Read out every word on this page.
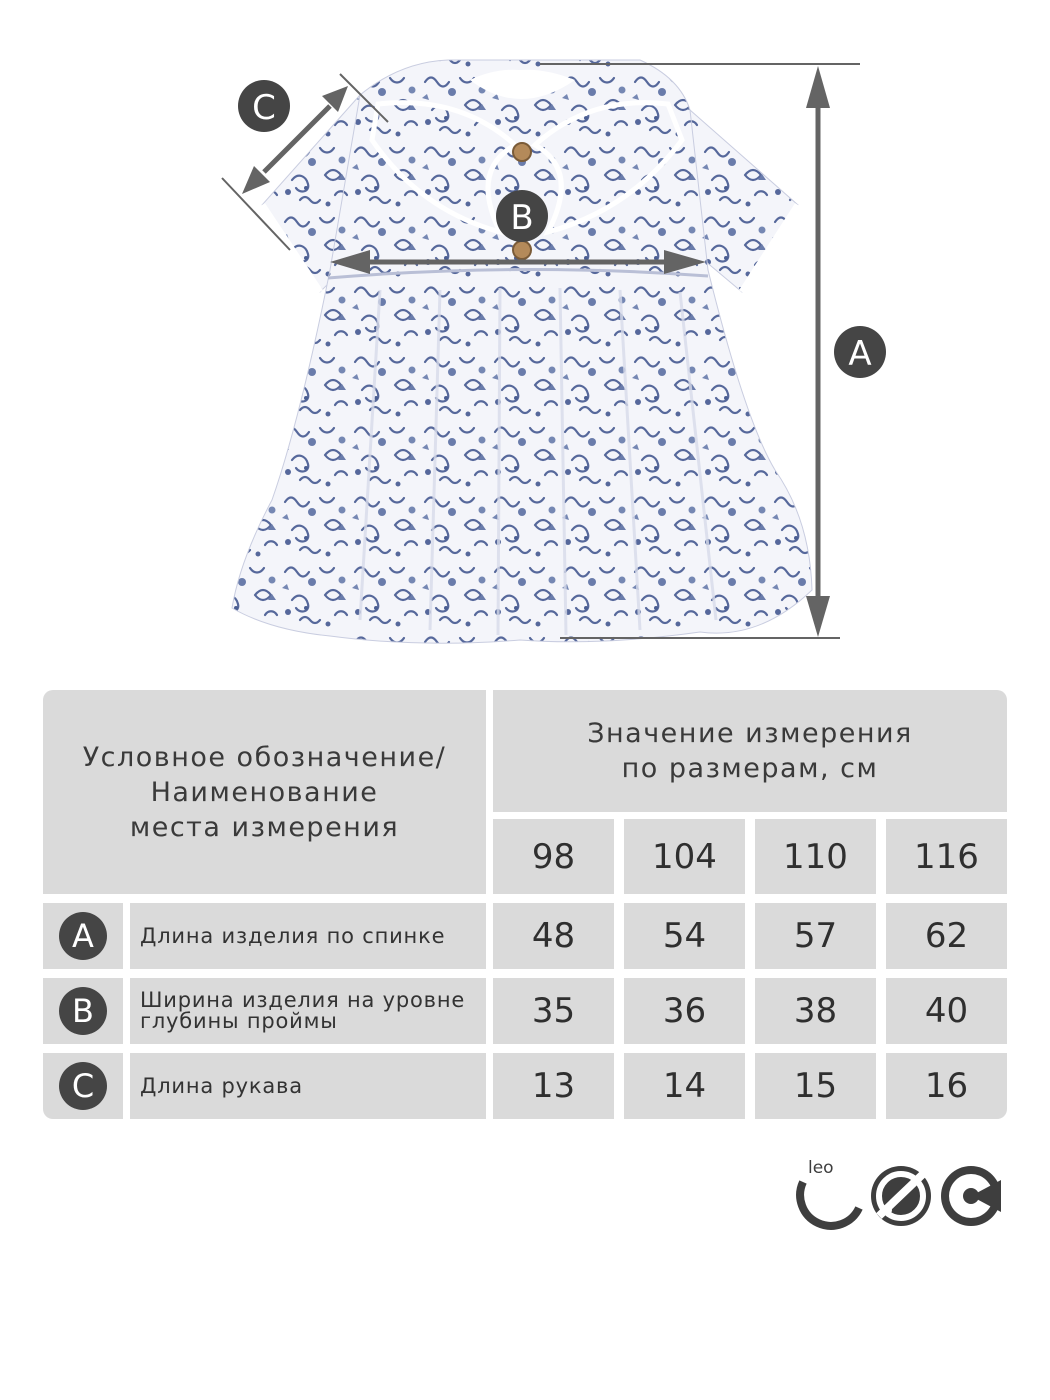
A
B
C
Условное обозначение/
Наименование
места измерения
Значение измерения
по размерам, см
98 104 110 116
A Длина изделия по спинке	48	54	57	62
B Ширина изделия на уровне
глубины проймы	35	36	38	40
C Длина рукава	13	14	15	16
leo
